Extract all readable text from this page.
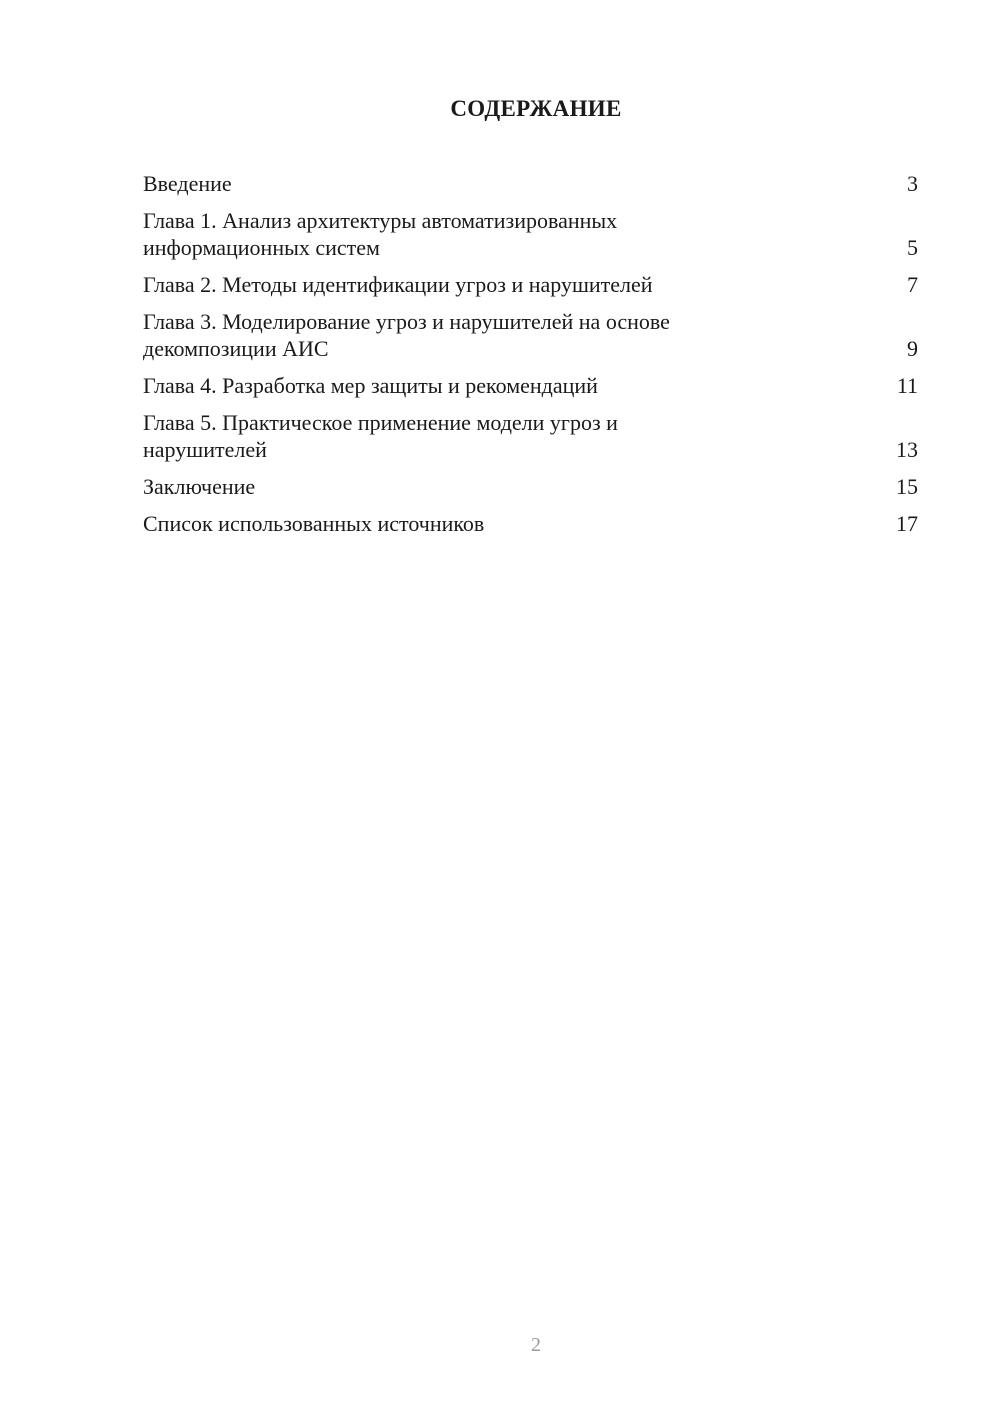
СОДЕРЖАНИЕ
Введение	3
Глава 1. Анализ архитектуры автоматизированных
информационных систем	5
Глава 2. Методы идентификации угроз и нарушителей	7
Глава 3. Моделирование угроз и нарушителей на основе
декомпозиции АИС	9
Глава 4. Разработка мер защиты и рекомендаций	11
Глава 5. Практическое применение модели угроз и
нарушителей	13
Заключение	15
Список использованных источников	17
2
